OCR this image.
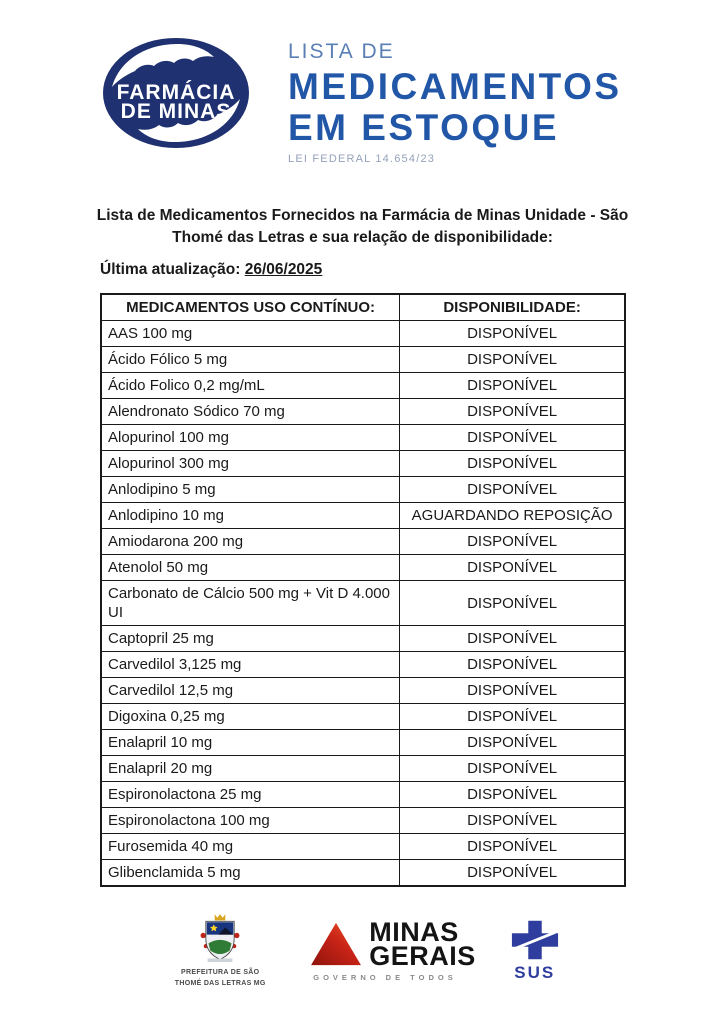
FARMÁCIA
DE MINAS
LISTA DE
MEDICAMENTOS
EM ESTOQUE
LEI FEDERAL 14.654/23

Lista de Medicamentos Fornecidos na Farmácia de Minas Unidade - São Thomé das Letras e sua relação de disponibilidade:

Última atualização: 26/06/2025

MEDICAMENTOS USO CONTÍNUO:	DISPONIBILIDADE:
AAS 100 mg	DISPONÍVEL
Ácido Fólico 5 mg	DISPONÍVEL
Ácido Folico 0,2 mg/mL	DISPONÍVEL
Alendronato Sódico 70 mg	DISPONÍVEL
Alopurinol 100 mg	DISPONÍVEL
Alopurinol 300 mg	DISPONÍVEL
Anlodipino 5 mg	DISPONÍVEL
Anlodipino 10 mg	AGUARDANDO REPOSIÇÃO
Amiodarona 200 mg	DISPONÍVEL
Atenolol 50 mg	DISPONÍVEL
Carbonato de Cálcio 500 mg + Vit D 4.000 UI	DISPONÍVEL
Captopril 25 mg	DISPONÍVEL
Carvedilol 3,125 mg	DISPONÍVEL
Carvedilol 12,5 mg	DISPONÍVEL
Digoxina 0,25 mg	DISPONÍVEL
Enalapril 10 mg	DISPONÍVEL
Enalapril 20 mg	DISPONÍVEL
Espironolactona 25 mg	DISPONÍVEL
Espironolactona 100 mg	DISPONÍVEL
Furosemida 40 mg	DISPONÍVEL
Glibenclamida 5 mg	DISPONÍVEL
PREFEITURA DE SÃO
THOMÉ DAS LETRAS MG
MINAS
GERAIS
GOVERNO DE TODOS	SUS
